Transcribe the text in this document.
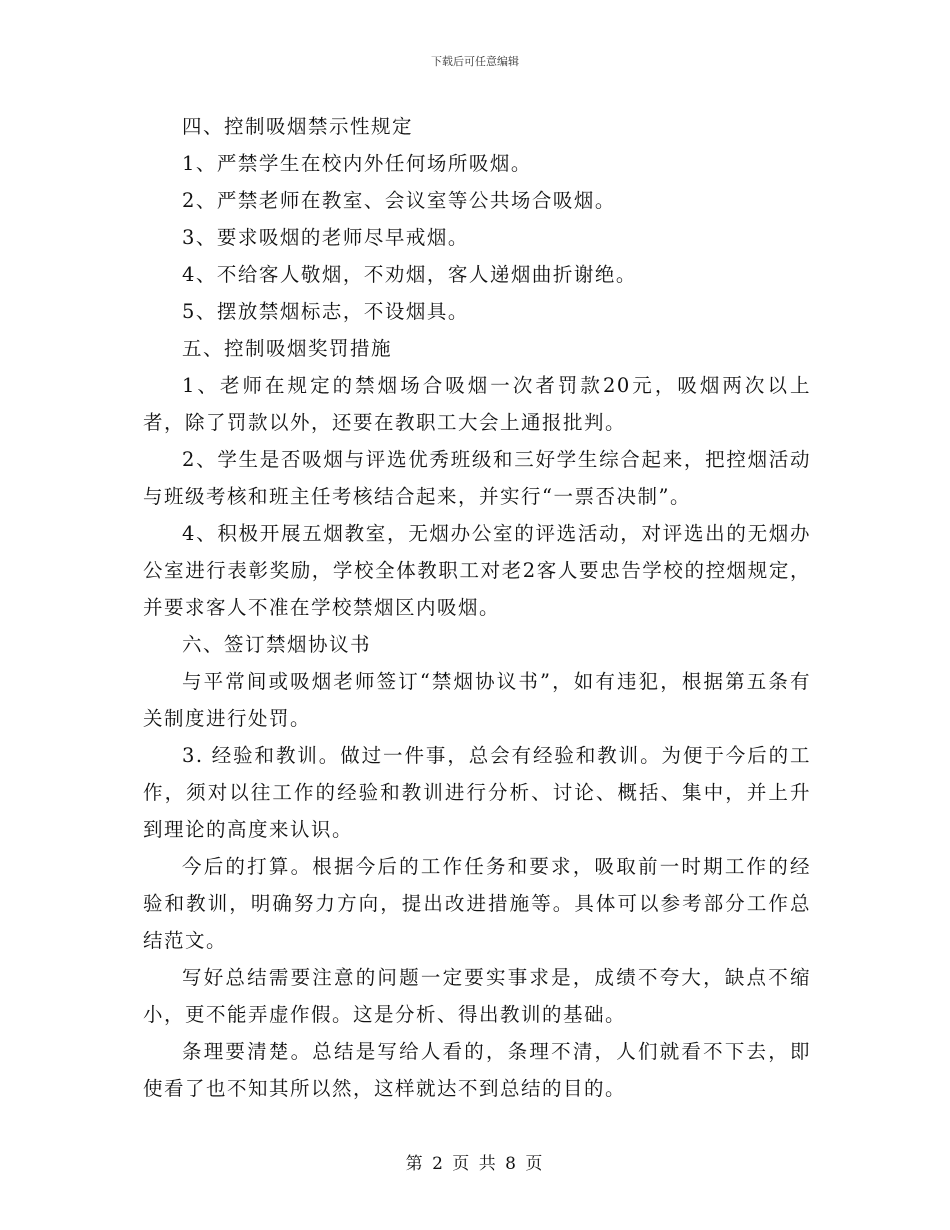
下载后可任意编辑

四、控制吸烟禁示性规定

1、严禁学生在校内外任何场所吸烟。

2、严禁老师在教室、会议室等公共场合吸烟。

3、要求吸烟的老师尽早戒烟。

4、不给客人敬烟，不劝烟，客人递烟曲折谢绝。

5、摆放禁烟标志，不设烟具。

五、控制吸烟奖罚措施

1、老师在规定的禁烟场合吸烟一次者罚款20元，吸烟两次以上者，除了罚款以外，还要在教职工大会上通报批判。

2、学生是否吸烟与评选优秀班级和三好学生综合起来，把控烟活动与班级考核和班主任考核结合起来，并实行“一票否决制”。

4、积极开展五烟教室，无烟办公室的评选活动，对评选出的无烟办公室进行表彰奖励，学校全体教职工对老2客人要忠告学校的控烟规定，并要求客人不准在学校禁烟区内吸烟。

六、签订禁烟协议书

与平常间或吸烟老师签订“禁烟协议书”，如有违犯，根据第五条有关制度进行处罚。

3. 经验和教训。做过一件事，总会有经验和教训。为便于今后的工作，须对以往工作的经验和教训进行分析、讨论、概括、集中，并上升到理论的高度来认识。

今后的打算。根据今后的工作任务和要求，吸取前一时期工作的经验和教训，明确努力方向，提出改进措施等。具体可以参考部分工作总结范文。

写好总结需要注意的问题一定要实事求是，成绩不夸大，缺点不缩小，更不能弄虚作假。这是分析、得出教训的基础。

条理要清楚。总结是写给人看的，条理不清，人们就看不下去，即使看了也不知其所以然，这样就达不到总结的目的。

第 2 页 共 8 页
